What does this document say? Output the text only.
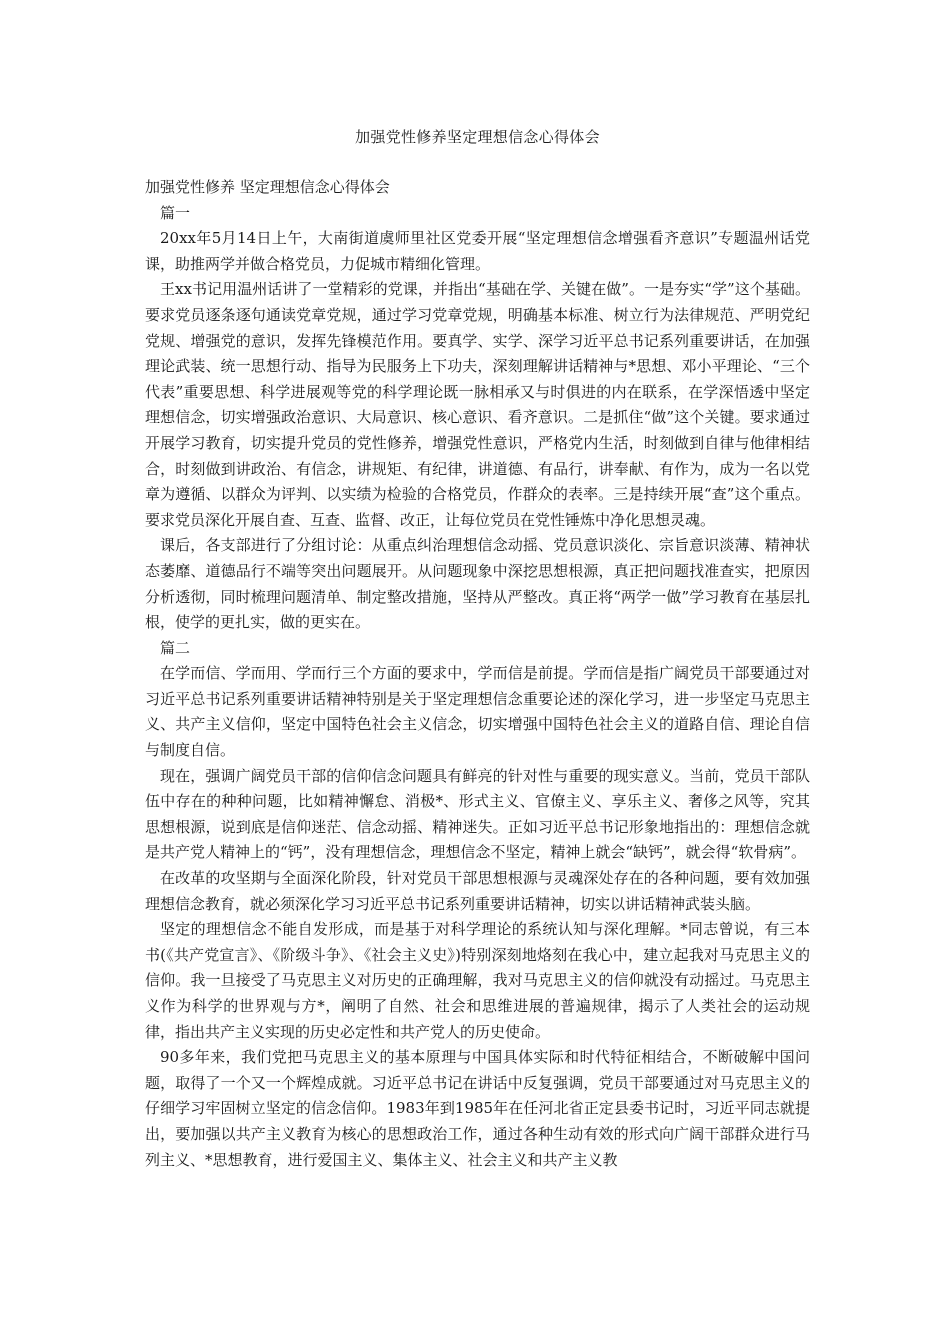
加强党性修养坚定理想信念心得体会

加强党性修养 坚定理想信念心得体会

篇一

20xx年5月14日上午，大南街道虞师里社区党委开展“坚定理想信念增强看齐意识”专题温州话党课，助推两学并做合格党员，力促城市精细化管理。

王xx书记用温州话讲了一堂精彩的党课，并指出“基础在学、关键在做”。一是夯实“学”这个基础。要求党员逐条逐句通读党章党规，通过学习党章党规，明确基本标准、树立行为法律规范、严明党纪党规、增强党的意识，发挥先锋模范作用。要真学、实学、深学习近平总书记系列重要讲话，在加强理论武装、统一思想行动、指导为民服务上下功夫，深刻理解讲话精神与*思想、邓小平理论、“三个代表”重要思想、科学进展观等党的科学理论既一脉相承又与时俱进的内在联系，在学深悟透中坚定理想信念，切实增强政治意识、大局意识、核心意识、看齐意识。二是抓住“做”这个关键。要求通过开展学习教育，切实提升党员的党性修养，增强党性意识，严格党内生活，时刻做到自律与他律相结合，时刻做到讲政治、有信念，讲规矩、有纪律，讲道德、有品行，讲奉献、有作为，成为一名以党章为遵循、以群众为评判、以实绩为检验的合格党员，作群众的表率。三是持续开展“查”这个重点。要求党员深化开展自查、互查、监督、改正，让每位党员在党性锤炼中净化思想灵魂。

课后，各支部进行了分组讨论：从重点纠治理想信念动摇、党员意识淡化、宗旨意识淡薄、精神状态萎靡、道德品行不端等突出问题展开。从问题现象中深挖思想根源，真正把问题找准查实，把原因分析透彻，同时梳理问题清单、制定整改措施，坚持从严整改。真正将“两学一做”学习教育在基层扎根，使学的更扎实，做的更实在。

篇二

在学而信、学而用、学而行三个方面的要求中，学而信是前提。学而信是指广阔党员干部要通过对习近平总书记系列重要讲话精神特别是关于坚定理想信念重要论述的深化学习，进一步坚定马克思主义、共产主义信仰，坚定中国特色社会主义信念，切实增强中国特色社会主义的道路自信、理论自信与制度自信。

现在，强调广阔党员干部的信仰信念问题具有鲜亮的针对性与重要的现实意义。当前，党员干部队伍中存在的种种问题，比如精神懈怠、消极*、形式主义、官僚主义、享乐主义、奢侈之风等，究其思想根源，说到底是信仰迷茫、信念动摇、精神迷失。正如习近平总书记形象地指出的：理想信念就是共产党人精神上的“钙”，没有理想信念，理想信念不坚定，精神上就会“缺钙”，就会得“软骨病”。

在改革的攻坚期与全面深化阶段，针对党员干部思想根源与灵魂深处存在的各种问题，要有效加强理想信念教育，就必须深化学习习近平总书记系列重要讲话精神，切实以讲话精神武装头脑。

坚定的理想信念不能自发形成，而是基于对科学理论的系统认知与深化理解。*同志曾说，有三本书(《共产党宣言》、《阶级斗争》、《社会主义史》)特别深刻地烙刻在我心中，建立起我对马克思主义的信仰。我一旦接受了马克思主义对历史的正确理解，我对马克思主义的信仰就没有动摇过。马克思主义作为科学的世界观与方*，阐明了自然、社会和思维进展的普遍规律，揭示了人类社会的运动规律，指出共产主义实现的历史必定性和共产党人的历史使命。

90多年来，我们党把马克思主义的基本原理与中国具体实际和时代特征相结合，不断破解中国问题，取得了一个又一个辉煌成就。习近平总书记在讲话中反复强调，党员干部要通过对马克思主义的仔细学习牢固树立坚定的信念信仰。1983年到1985年在任河北省正定县委书记时，习近平同志就提出，要加强以共产主义教育为核心的思想政治工作，通过各种生动有效的形式向广阔干部群众进行马列主义、*思想教育，进行爱国主义、集体主义、社会主义和共产主义教
